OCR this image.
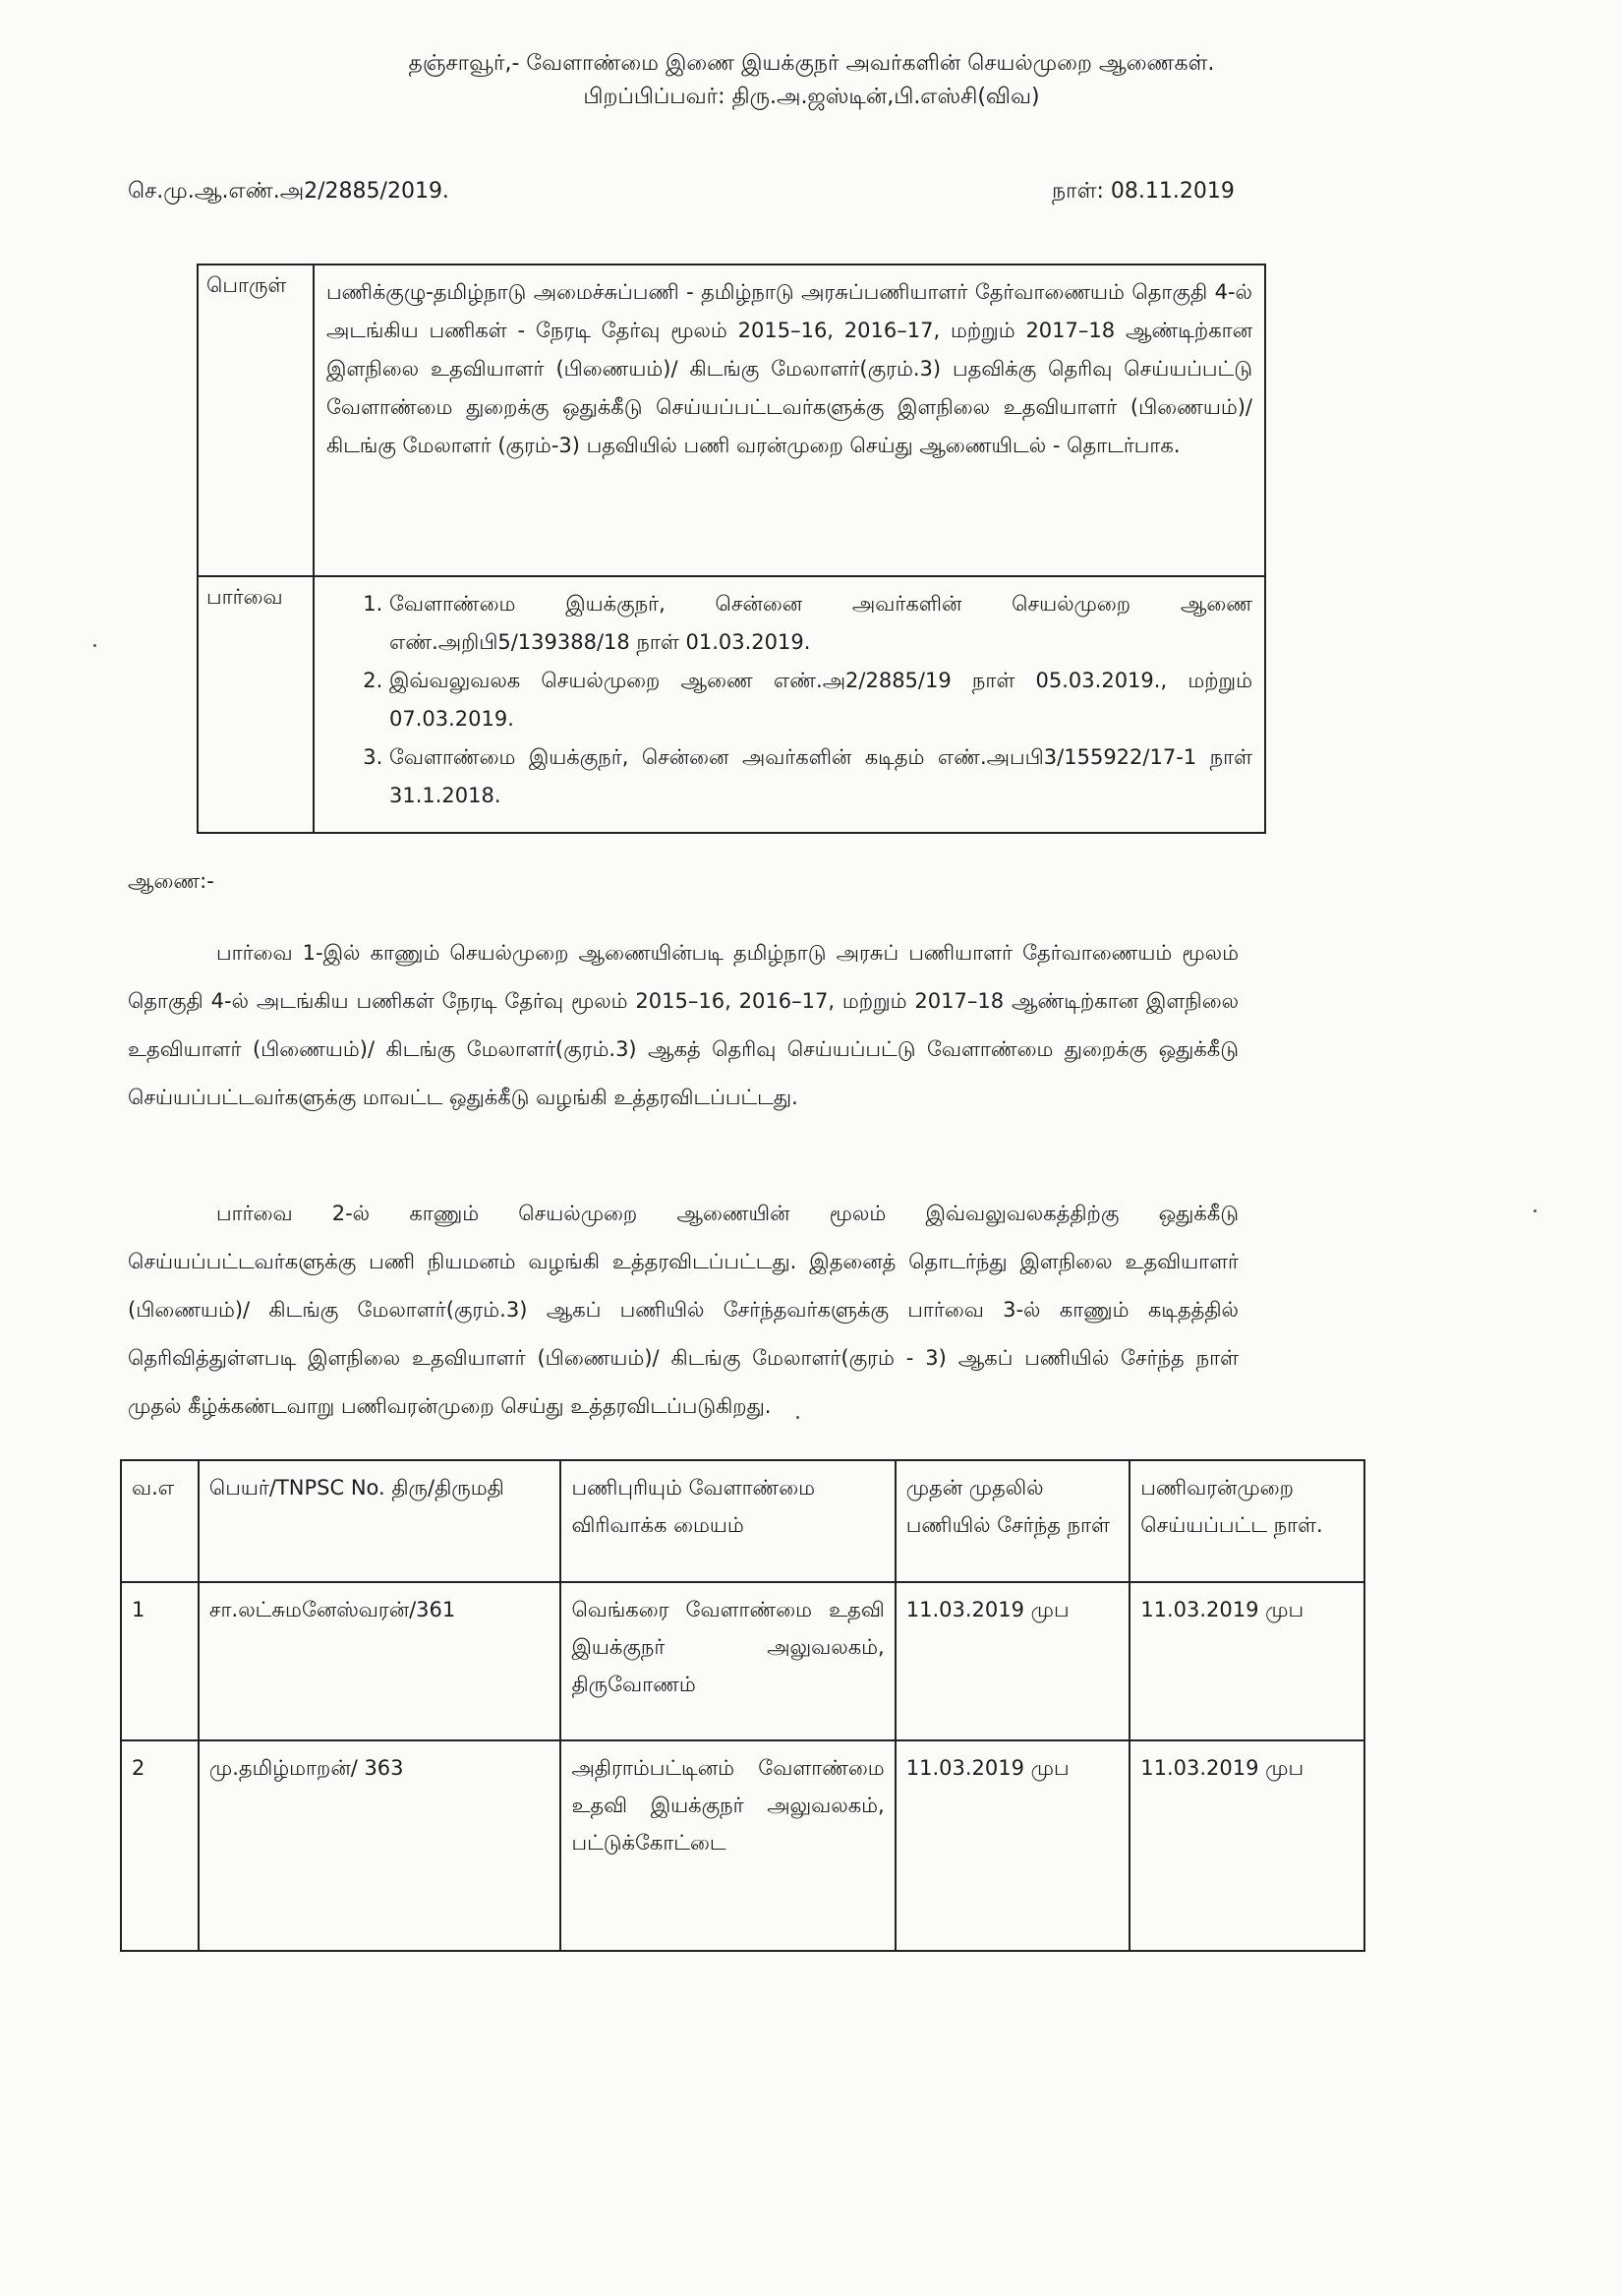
தஞ்சாவூர்,- வேளாண்மை இணை இயக்குநர் அவர்களின் செயல்முறை ஆணைகள்.
பிறப்பிப்பவர்: திரு.அ.ஜஸ்டின்,பி.எஸ்சி(விவ)
செ.மு.ஆ.எண்.அ2/2885/2019.	நாள்: 08.11.2019
பொருள்	பணிக்குழு-தமிழ்நாடு அமைச்சுப்பணி - தமிழ்நாடு அரசுப்பணியாளர் தேர்வாணையம் தொகுதி 4-ல் அடங்கிய பணிகள் - நேரடி தேர்வு மூலம் 2015–16, 2016–17, மற்றும் 2017–18 ஆண்டிற்கான இளநிலை உதவியாளர் (பிணையம்)/ கிடங்கு மேலாளர்(குரம்.3) பதவிக்கு தெரிவு செய்யப்பட்டு வேளாண்மை துறைக்கு ஒதுக்கீடு செய்யப்பட்டவர்களுக்கு இளநிலை உதவியாளர் (பிணையம்)/கிடங்கு மேலாளர் (குரம்-3) பதவியில் பணி வரன்முறை செய்து ஆணையிடல் - தொடர்பாக.
பார்வை	1. வேளாண்மை இயக்குநர், சென்னை அவர்களின் செயல்முறை ஆணை எண்.அறிபி5/139388/18 நாள் 01.03.2019.
2. இவ்வலுவலக செயல்முறை ஆணை எண்.அ2/2885/19 நாள் 05.03.2019., மற்றும் 07.03.2019.
3. வேளாண்மை இயக்குநர், சென்னை அவர்களின் கடிதம் எண்.அபபி3/155922/17-1 நாள் 31.1.2018.
ஆணை:-
பார்வை 1-இல் காணும் செயல்முறை ஆணையின்படி தமிழ்நாடு அரசுப் பணியாளர் தேர்வாணையம் மூலம் தொகுதி 4-ல் அடங்கிய பணிகள் நேரடி தேர்வு மூலம் 2015–16, 2016–17, மற்றும் 2017–18 ஆண்டிற்கான இளநிலை உதவியாளர் (பிணையம்)/ கிடங்கு மேலாளர்(குரம்.3) ஆகத் தெரிவு செய்யப்பட்டு வேளாண்மை துறைக்கு ஒதுக்கீடு செய்யப்பட்டவர்களுக்கு மாவட்ட ஒதுக்கீடு வழங்கி உத்தரவிடப்பட்டது.
பார்வை 2-ல் காணும் செயல்முறை ஆணையின் மூலம் இவ்வலுவலகத்திற்கு ஒதுக்கீடு செய்யப்பட்டவர்களுக்கு பணி நியமனம் வழங்கி உத்தரவிடப்பட்டது. இதனைத் தொடர்ந்து இளநிலை உதவியாளர் (பிணையம்)/ கிடங்கு மேலாளர்(குரம்.3) ஆகப் பணியில் சேர்ந்தவர்களுக்கு பார்வை 3-ல் காணும் கடிதத்தில் தெரிவித்துள்ளபடி இளநிலை உதவியாளர் (பிணையம்)/ கிடங்கு மேலாளர்(குரம் - 3) ஆகப் பணியில் சேர்ந்த நாள் முதல் கீழ்க்கண்டவாறு பணிவரன்முறை செய்து உத்தரவிடப்படுகிறது.
வ.எ	பெயர்/TNPSC No. திரு/திருமதி	பணிபுரியும் வேளாண்மை விரிவாக்க மையம்	முதன் முதலில் பணியில் சேர்ந்த நாள்	பணிவரன்முறை செய்யப்பட்ட நாள்.
1	சா.லட்சுமனேஸ்வரன்/361	வெங்கரை வேளாண்மை உதவி இயக்குநர் அலுவலகம், திருவோணம்	11.03.2019 முப	11.03.2019 முப
2	மு.தமிழ்மாறன்/ 363	அதிராம்பட்டினம் வேளாண்மை உதவி இயக்குநர் அலுவலகம், பட்டுக்கோட்டை	11.03.2019 முப	11.03.2019 முப
